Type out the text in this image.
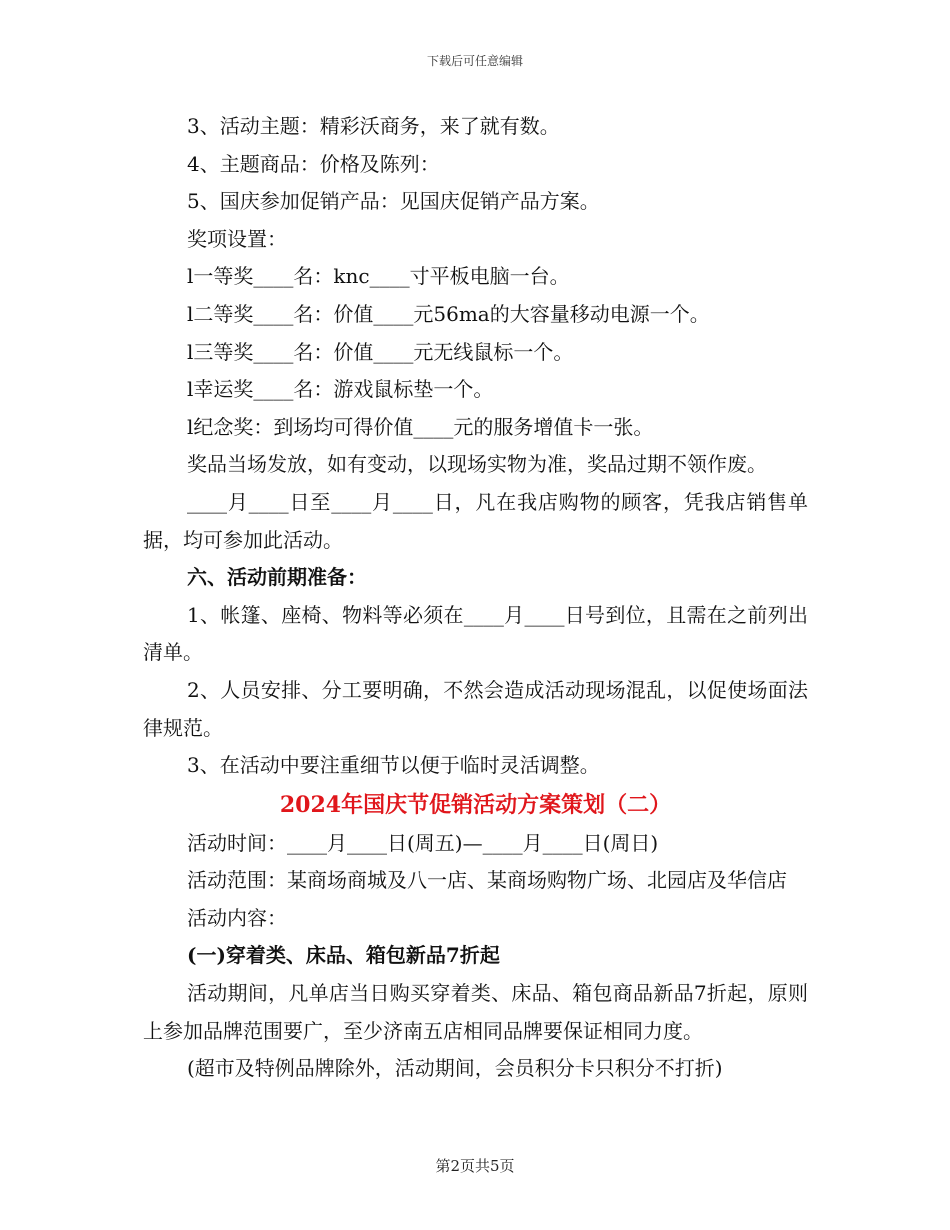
下载后可任意编辑

3、活动主题：精彩沃商务，来了就有数。

4、主题商品：价格及陈列：

5、国庆参加促销产品：见国庆促销产品方案。

奖项设置：

l一等奖____名：knc____寸平板电脑一台。

l二等奖____名：价值____元56ma的大容量移动电源一个。

l三等奖____名：价值____元无线鼠标一个。

l幸运奖____名：游戏鼠标垫一个。

l纪念奖：到场均可得价值____元的服务增值卡一张。

奖品当场发放，如有变动，以现场实物为准，奖品过期不领作废。

____月____日至____月____日，凡在我店购物的顾客，凭我店销售单据，均可参加此活动。

六、活动前期准备：

1、帐篷、座椅、物料等必须在____月____日号到位，且需在之前列出清单。

2、人员安排、分工要明确，不然会造成活动现场混乱，以促使场面法律规范。

3、在活动中要注重细节以便于临时灵活调整。

2024年国庆节促销活动方案策划（二）

活动时间：____月____日(周五)—____月____日(周日)

活动范围：某商场商城及八一店、某商场购物广场、北园店及华信店

活动内容：

(一)穿着类、床品、箱包新品7折起

活动期间，凡单店当日购买穿着类、床品、箱包商品新品7折起，原则上参加品牌范围要广，至少济南五店相同品牌要保证相同力度。

(超市及特例品牌除外，活动期间，会员积分卡只积分不打折)

第2页共5页
